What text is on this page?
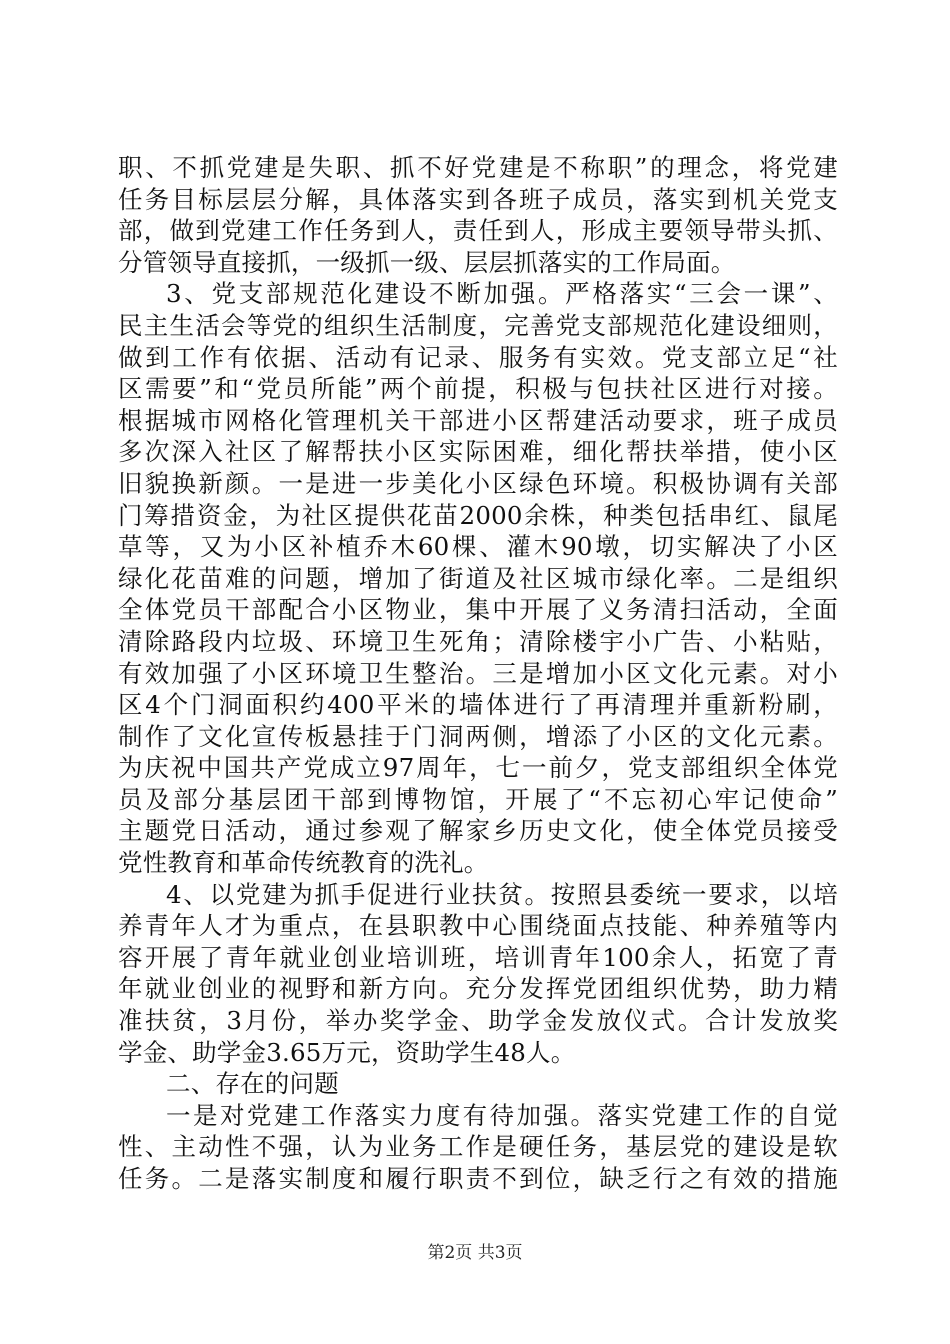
职、不抓党建是失职、抓不好党建是不称职”的理念，将党建
任务目标层层分解，具体落实到各班子成员，落实到机关党支
部，做到党建工作任务到人，责任到人，形成主要领导带头抓、
分管领导直接抓，一级抓一级、层层抓落实的工作局面。
3、党支部规范化建设不断加强。严格落实“三会一课”、
民主生活会等党的组织生活制度，完善党支部规范化建设细则，
做到工作有依据、活动有记录、服务有实效。党支部立足“社
区需要”和“党员所能”两个前提，积极与包扶社区进行对接。
根据城市网格化管理机关干部进小区帮建活动要求，班子成员
多次深入社区了解帮扶小区实际困难，细化帮扶举措，使小区
旧貌换新颜。一是进一步美化小区绿色环境。积极协调有关部
门筹措资金，为社区提供花苗2000余株，种类包括串红、鼠尾
草等，又为小区补植乔木60棵、灌木90墩，切实解决了小区
绿化花苗难的问题，增加了街道及社区城市绿化率。二是组织
全体党员干部配合小区物业，集中开展了义务清扫活动，全面
清除路段内垃圾、环境卫生死角；清除楼宇小广告、小粘贴，
有效加强了小区环境卫生整治。三是增加小区文化元素。对小
区4个门洞面积约400平米的墙体进行了再清理并重新粉刷，
制作了文化宣传板悬挂于门洞两侧，增添了小区的文化元素。
为庆祝中国共产党成立97周年，七一前夕，党支部组织全体党
员及部分基层团干部到博物馆，开展了“不忘初心牢记使命”
主题党日活动，通过参观了解家乡历史文化，使全体党员接受
党性教育和革命传统教育的洗礼。
4、以党建为抓手促进行业扶贫。按照县委统一要求，以培
养青年人才为重点，在县职教中心围绕面点技能、种养殖等内
容开展了青年就业创业培训班，培训青年100余人，拓宽了青
年就业创业的视野和新方向。充分发挥党团组织优势，助力精
准扶贫，3月份，举办奖学金、助学金发放仪式。合计发放奖
学金、助学金3.65万元，资助学生48人。
二、存在的问题
一是对党建工作落实力度有待加强。落实党建工作的自觉
性、主动性不强，认为业务工作是硬任务，基层党的建设是软
任务。二是落实制度和履行职责不到位，缺乏行之有效的措施
第2页 共3页
